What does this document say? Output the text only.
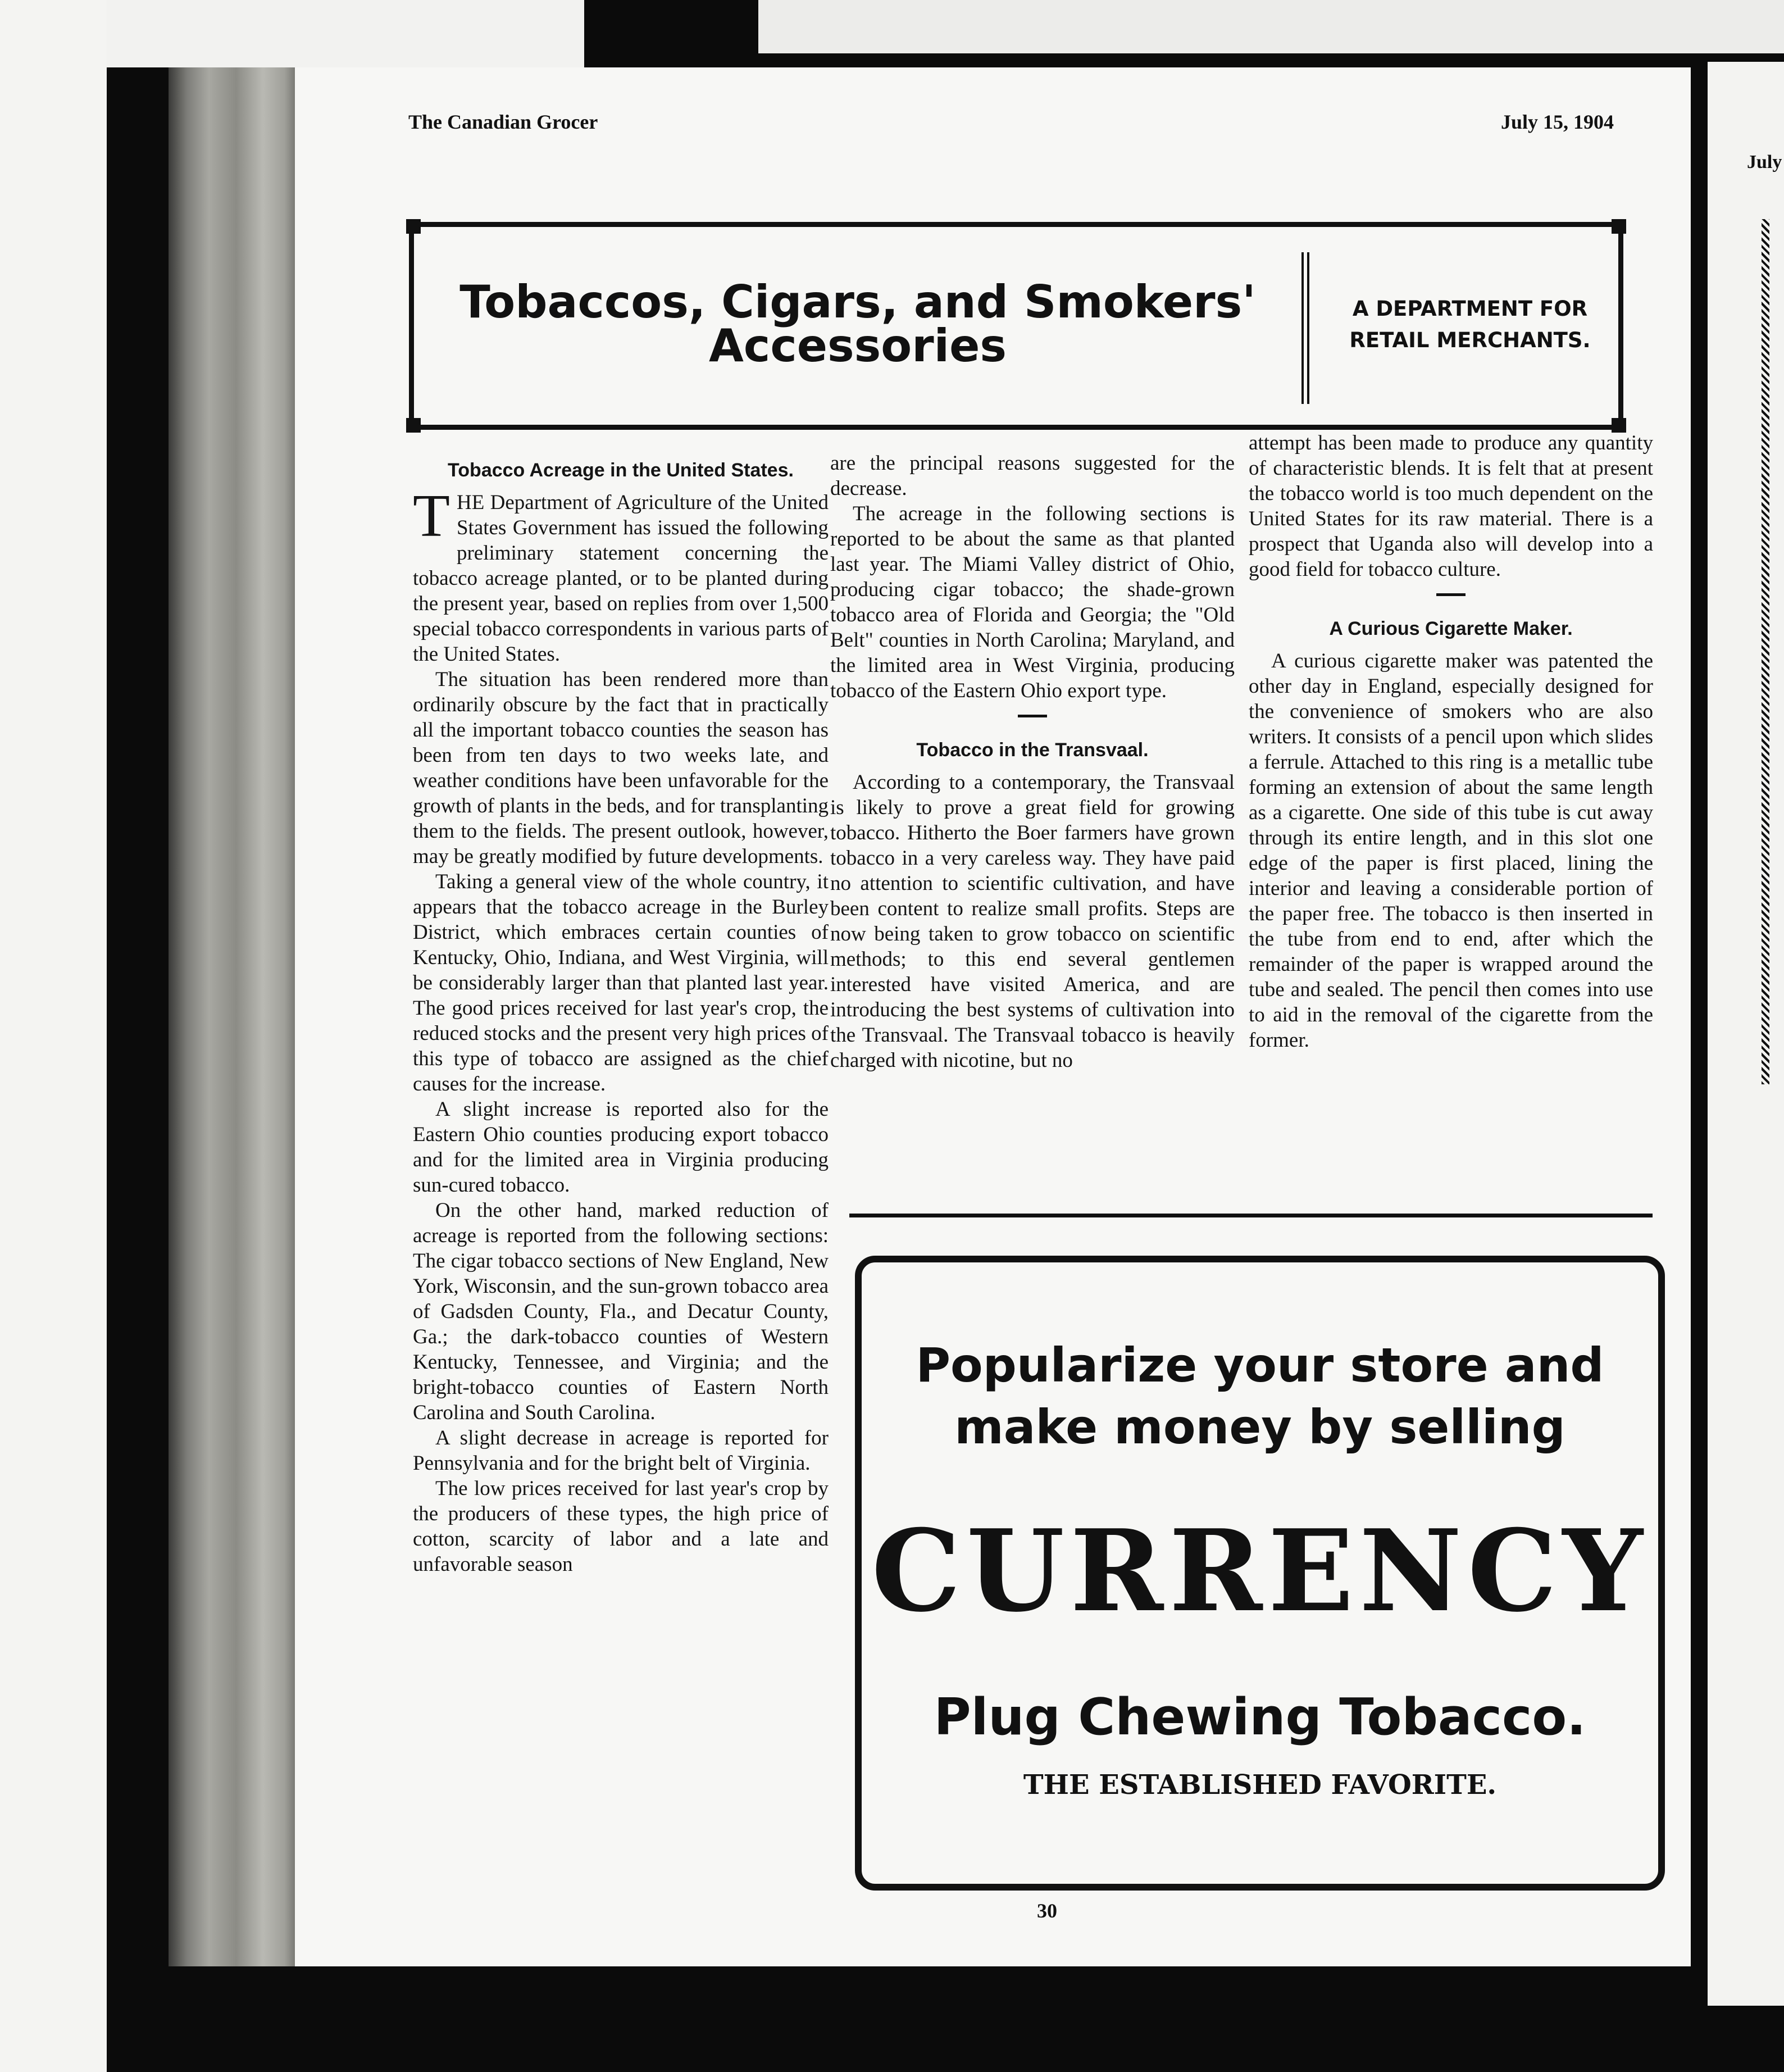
July
The Canadian Grocer	July 15, 1904
Tobaccos, Cigars, and Smokers'
Accessories
A DEPARTMENT FOR
RETAIL MERCHANTS.
Tobacco Acreage in the United States.

THE Department of Agriculture of the United States Government has issued the following preliminary statement concerning the tobacco acreage planted, or to be planted during the present year, based on replies from over 1,500 special tobacco correspondents in various parts of the United States.

The situation has been rendered more than ordinarily obscure by the fact that in practically all the important tobacco counties the season has been from ten days to two weeks late, and weather conditions have been unfavorable for the growth of plants in the beds, and for transplanting them to the fields. The present outlook, however, may be greatly modified by future developments.

Taking a general view of the whole country, it appears that the tobacco acreage in the Burley District, which embraces certain counties of Kentucky, Ohio, Indiana, and West Virginia, will be considerably larger than that planted last year. The good prices received for last year's crop, the reduced stocks and the present very high prices of this type of tobacco are assigned as the chief causes for the increase.

A slight increase is reported also for the Eastern Ohio counties producing export tobacco and for the limited area in Virginia producing sun-cured tobacco.

On the other hand, marked reduction of acreage is reported from the following sections: The cigar tobacco sections of New England, New York, Wisconsin, and the sun-grown tobacco area of Gadsden County, Fla., and Decatur County, Ga.; the dark-tobacco counties of Western Kentucky, Tennessee, and Virginia; and the bright-tobacco counties of Eastern North Carolina and South Carolina.

A slight decrease in acreage is reported for Pennsylvania and for the bright belt of Virginia.

The low prices received for last year's crop by the producers of these types, the high price of cotton, scarcity of labor and a late and unfavorable season

are the principal reasons suggested for the decrease.

The acreage in the following sections is reported to be about the same as that planted last year. The Miami Valley district of Ohio, producing cigar tobacco; the shade-grown tobacco area of Florida and Georgia; the "Old Belt" counties in North Carolina; Maryland, and the limited area in West Virginia, producing tobacco of the Eastern Ohio export type.

Tobacco in the Transvaal.

According to a contemporary, the Transvaal is likely to prove a great field for growing tobacco. Hitherto the Boer farmers have grown tobacco in a very careless way. They have paid no attention to scientific cultivation, and have been content to realize small profits. Steps are now being taken to grow tobacco on scientific methods; to this end several gentlemen interested have visited America, and are introducing the best systems of cultivation into the Transvaal. The Transvaal tobacco is heavily charged with nicotine, but no

attempt has been made to produce any quantity of characteristic blends. It is felt that at present the tobacco world is too much dependent on the United States for its raw material. There is a prospect that Uganda also will develop into a good field for tobacco culture.

A Curious Cigarette Maker.

A curious cigarette maker was patented the other day in England, especially designed for the convenience of smokers who are also writers. It consists of a pencil upon which slides a ferrule. Attached to this ring is a metallic tube forming an extension of about the same length as a cigarette. One side of this tube is cut away through its entire length, and in this slot one edge of the paper is first placed, lining the interior and leaving a considerable portion of the paper free. The tobacco is then inserted in the tube from end to end, after which the remainder of the paper is wrapped around the tube and sealed. The pencil then comes into use to aid in the removal of the cigarette from the former.

Popularize your store and
make money by selling
CURRENCY
Plug Chewing Tobacco.
THE ESTABLISHED FAVORITE.
30
